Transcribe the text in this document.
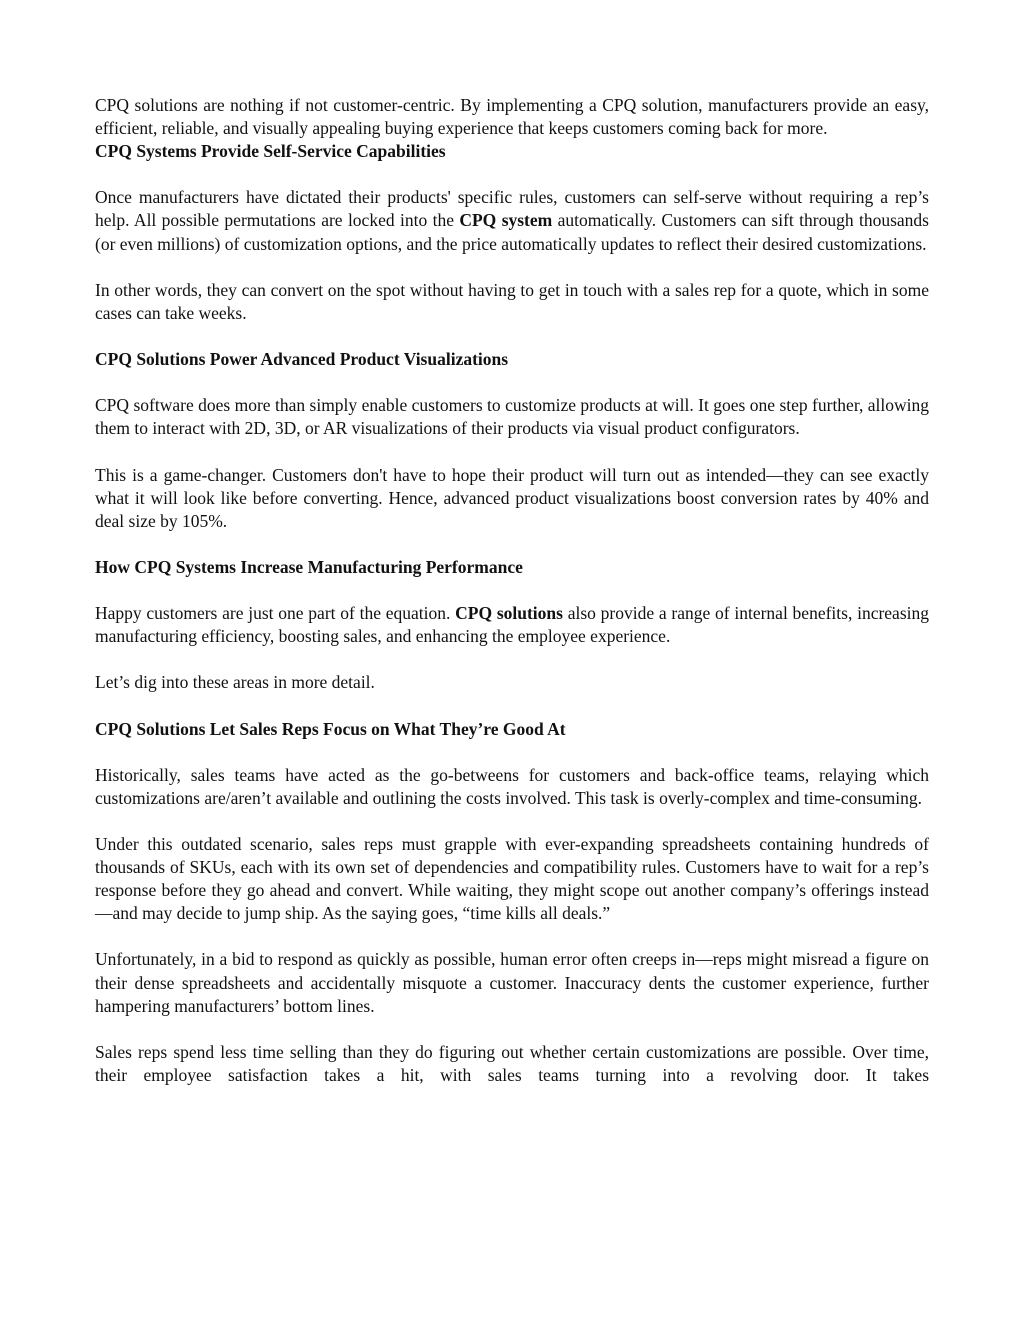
CPQ solutions are nothing if not customer-centric. By implementing a CPQ solution, manufacturers provide an easy, efficient, reliable, and visually appealing buying experience that keeps customers coming back for more.

CPQ Systems Provide Self-Service Capabilities

Once manufacturers have dictated their products' specific rules, customers can self-serve without requiring a rep’s help. All possible permutations are locked into the CPQ system automatically. Customers can sift through thousands (or even millions) of customization options, and the price automatically updates to reflect their desired customizations.

In other words, they can convert on the spot without having to get in touch with a sales rep for a quote, which in some cases can take weeks.

CPQ Solutions Power Advanced Product Visualizations

CPQ software does more than simply enable customers to customize products at will. It goes one step further, allowing them to interact with 2D, 3D, or AR visualizations of their products via visual product configurators.

This is a game-changer. Customers don't have to hope their product will turn out as intended—they can see exactly what it will look like before converting. Hence, advanced product visualizations boost conversion rates by 40% and deal size by 105%.

How CPQ Systems Increase Manufacturing Performance

Happy customers are just one part of the equation. CPQ solutions also provide a range of internal benefits, increasing manufacturing efficiency, boosting sales, and enhancing the employee experience.

Let’s dig into these areas in more detail.

CPQ Solutions Let Sales Reps Focus on What They’re Good At

Historically, sales teams have acted as the go-betweens for customers and back-office teams, relaying which customizations are/aren’t available and outlining the costs involved. This task is overly-complex and time-consuming.

Under this outdated scenario, sales reps must grapple with ever-expanding spreadsheets containing hundreds of thousands of SKUs, each with its own set of dependencies and compatibility rules. Customers have to wait for a rep’s response before they go ahead and convert. While waiting, they might scope out another company’s offerings instead—and may decide to jump ship. As the saying goes, “time kills all deals.”

Unfortunately, in a bid to respond as quickly as possible, human error often creeps in—reps might misread a figure on their dense spreadsheets and accidentally misquote a customer. Inaccuracy dents the customer experience, further hampering manufacturers’ bottom lines.

Sales reps spend less time selling than they do figuring out whether certain customizations are possible. Over time, their employee satisfaction takes a hit, with sales teams turning into a revolving door. It takes
